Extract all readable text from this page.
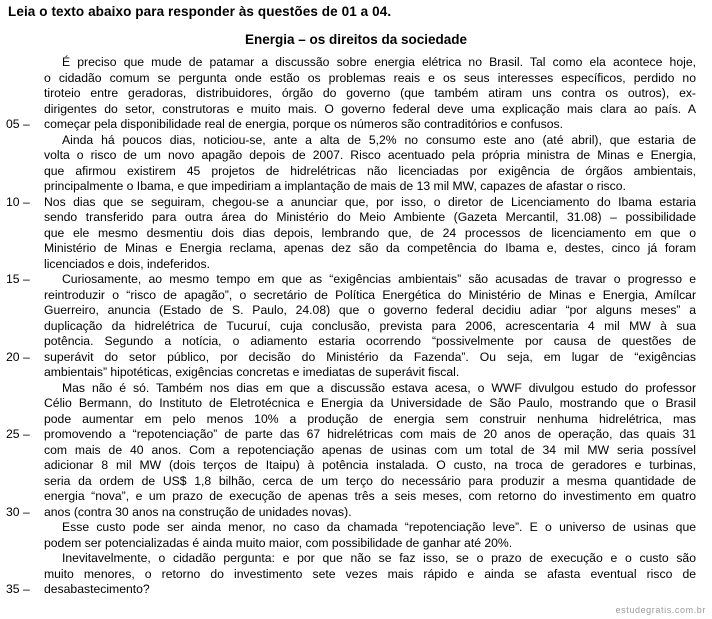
Leia o texto abaixo para responder às questões de 01 a 04.
Energia – os direitos da sociedade
É preciso que mude de patamar a discussão sobre energia elétrica no Brasil. Tal como ela acontece hoje,
o cidadão comum se pergunta onde estão os problemas reais e os seus interesses específicos, perdido no
tiroteio entre geradoras, distribuidores, órgão do governo (que também atiram uns contra os outros), ex-
dirigentes do setor, construtoras e muito mais. O governo federal deve uma explicação mais clara ao país. A
05 –	começar pela disponibilidade real de energia, porque os números são contraditórios e confusos.
Ainda há poucos dias, noticiou-se, ante a alta de 5,2% no consumo este ano (até abril), que estaria de
volta o risco de um novo apagão depois de 2007. Risco acentuado pela própria ministra de Minas e Energia,
que afirmou existirem 45 projetos de hidrelétricas não licenciadas por exigência de órgãos ambientais,
principalmente o Ibama, e que impediriam a implantação de mais de 13 mil MW, capazes de afastar o risco.
10 –	Nos dias que se seguiram, chegou-se a anunciar que, por isso, o diretor de Licenciamento do Ibama estaria
sendo transferido para outra área do Ministério do Meio Ambiente (Gazeta Mercantil, 31.08) – possibilidade
que ele mesmo desmentiu dois dias depois, lembrando que, de 24 processos de licenciamento em que o
Ministério de Minas e Energia reclama, apenas dez são da competência do Ibama e, destes, cinco já foram
licenciados e dois, indeferidos.
15 –	Curiosamente, ao mesmo tempo em que as “exigências ambientais” são acusadas de travar o progresso e
reintroduzir o “risco de apagão”, o secretário de Política Energética do Ministério de Minas e Energia, Amílcar
Guerreiro, anuncia (Estado de S. Paulo, 24.08) que o governo federal decidiu adiar “por alguns meses” a
duplicação da hidrelétrica de Tucuruí, cuja conclusão, prevista para 2006, acrescentaria 4 mil MW à sua
potência. Segundo a notícia, o adiamento estaria ocorrendo “possivelmente por causa de questões de
20 –	superávit do setor público, por decisão do Ministério da Fazenda”. Ou seja, em lugar de “exigências
ambientais” hipotéticas, exigências concretas e imediatas de superávit fiscal.
Mas não é só. Também nos dias em que a discussão estava acesa, o WWF divulgou estudo do professor
Célio Bermann, do Instituto de Eletrotécnica e Energia da Universidade de São Paulo, mostrando que o Brasil
pode aumentar em pelo menos 10% a produção de energia sem construir nenhuma hidrelétrica, mas
25 –	promovendo a “repotenciação” de parte das 67 hidrelétricas com mais de 20 anos de operação, das quais 31
com mais de 40 anos. Com a repotenciação apenas de usinas com um total de 34 mil MW seria possível
adicionar 8 mil MW (dois terços de Itaipu) à potência instalada. O custo, na troca de geradores e turbinas,
seria da ordem de US$ 1,8 bilhão, cerca de um terço do necessário para produzir a mesma quantidade de
energia “nova”, e um prazo de execução de apenas três a seis meses, com retorno do investimento em quatro
30 –	anos (contra 30 anos na construção de unidades novas).
Esse custo pode ser ainda menor, no caso da chamada “repotenciação leve”. E o universo de usinas que
podem ser potencializadas é ainda muito maior, com possibilidade de ganhar até 20%.
Inevitavelmente, o cidadão pergunta: e por que não se faz isso, se o prazo de execução e o custo são
muito menores, o retorno do investimento sete vezes mais rápido e ainda se afasta eventual risco de
35 –	desabastecimento?
estudegratis.com.br
